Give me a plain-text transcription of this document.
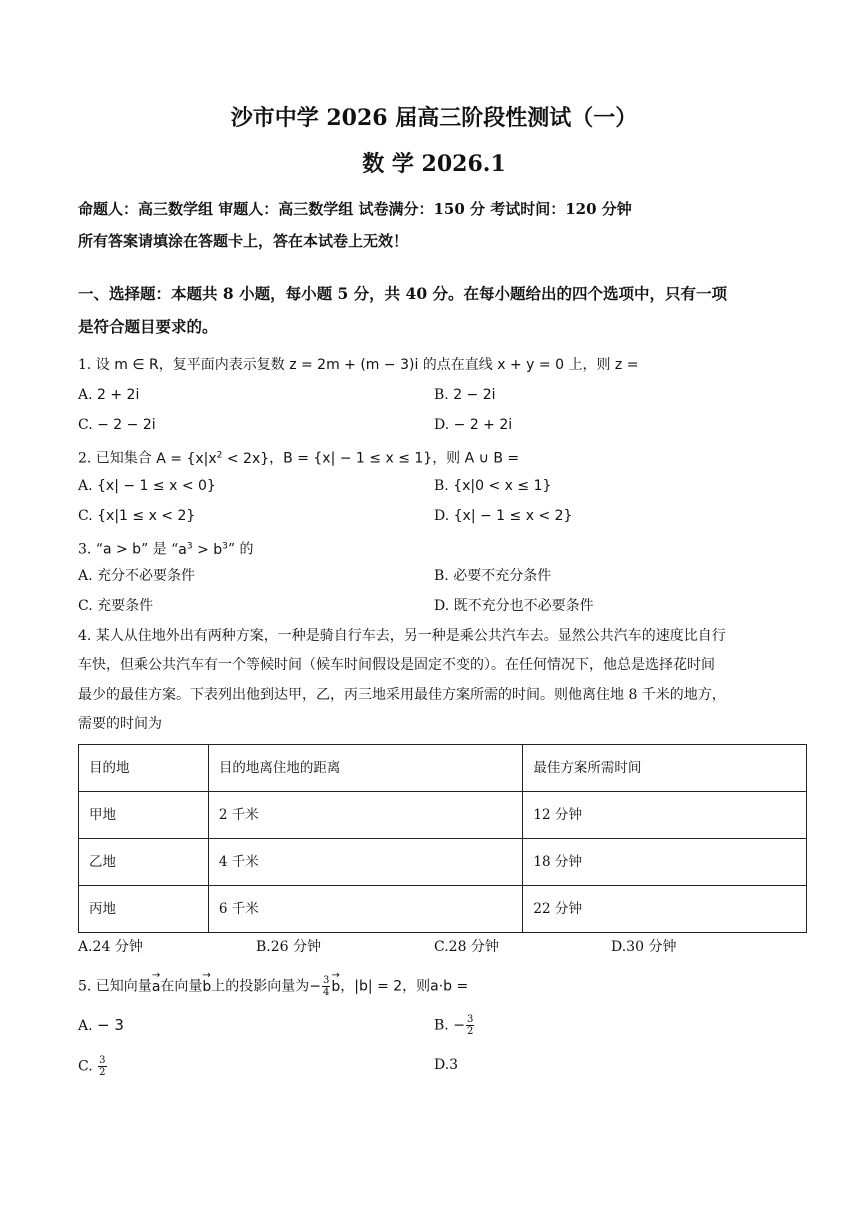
沙市中学 2026 届高三阶段性测试（一）
数 学 2026.1
命题人：高三数学组 审题人：高三数学组 试卷满分：150 分 考试时间：120 分钟
所有答案请填涂在答题卡上，答在本试卷上无效！
一、选择题：本题共 8 小题，每小题 5 分，共 40 分。在每小题给出的四个选项中，只有一项
是符合题目要求的。
1. 设 m ∈ R，复平面内表示复数 z = 2m + (m − 3)i 的点在直线 x + y = 0 上，则 z =
A. 2 + 2i	B. 2 − 2i
C. − 2 − 2i	D. − 2 + 2i
2. 已知集合 $A = \{x|x^2 < 2x\}$，B = {x| − 1 ≤ x ≤ 1}，则 A ∪ B =
A. {x| − 1 ≤ x < 0}	B. {x|0 < x ≤ 1}
C. {x|1 ≤ x < 2}	D. {x| − 1 ≤ x < 2}
3. “a > b” 是 “$a^3 > b^3$” 的
A. 充分不必要条件	B. 必要不充分条件
C. 充要条件	D. 既不充分也不必要条件
4. 某人从住地外出有两种方案，一种是骑自行车去，另一种是乘公共汽车去。显然公共汽车的速度比自行
车快，但乘公共汽车有一个等候时间（候车时间假设是固定不变的）。在任何情况下，他总是选择花时间
最少的最佳方案。下表列出他到达甲，乙，丙三地采用最佳方案所需的时间。则他离住地 8 千米的地方，
需要的时间为
目的地	目的地离住地的距离	最佳方案所需时间
甲地	2 千米	12 分钟
乙地	4 千米	18 分钟
丙地	6 千米	22 分钟
A.24 分钟	B.26 分钟	C.28 分钟	D.30 分钟
5. 已知向量→ a在向量→ b上的投影向量为− $\frac{3}{4} \to b$，|b| = 2，则a·b =
A. − 3	B. − $\frac{3}{2}$
C. $\frac{3}{2}$	D.3
